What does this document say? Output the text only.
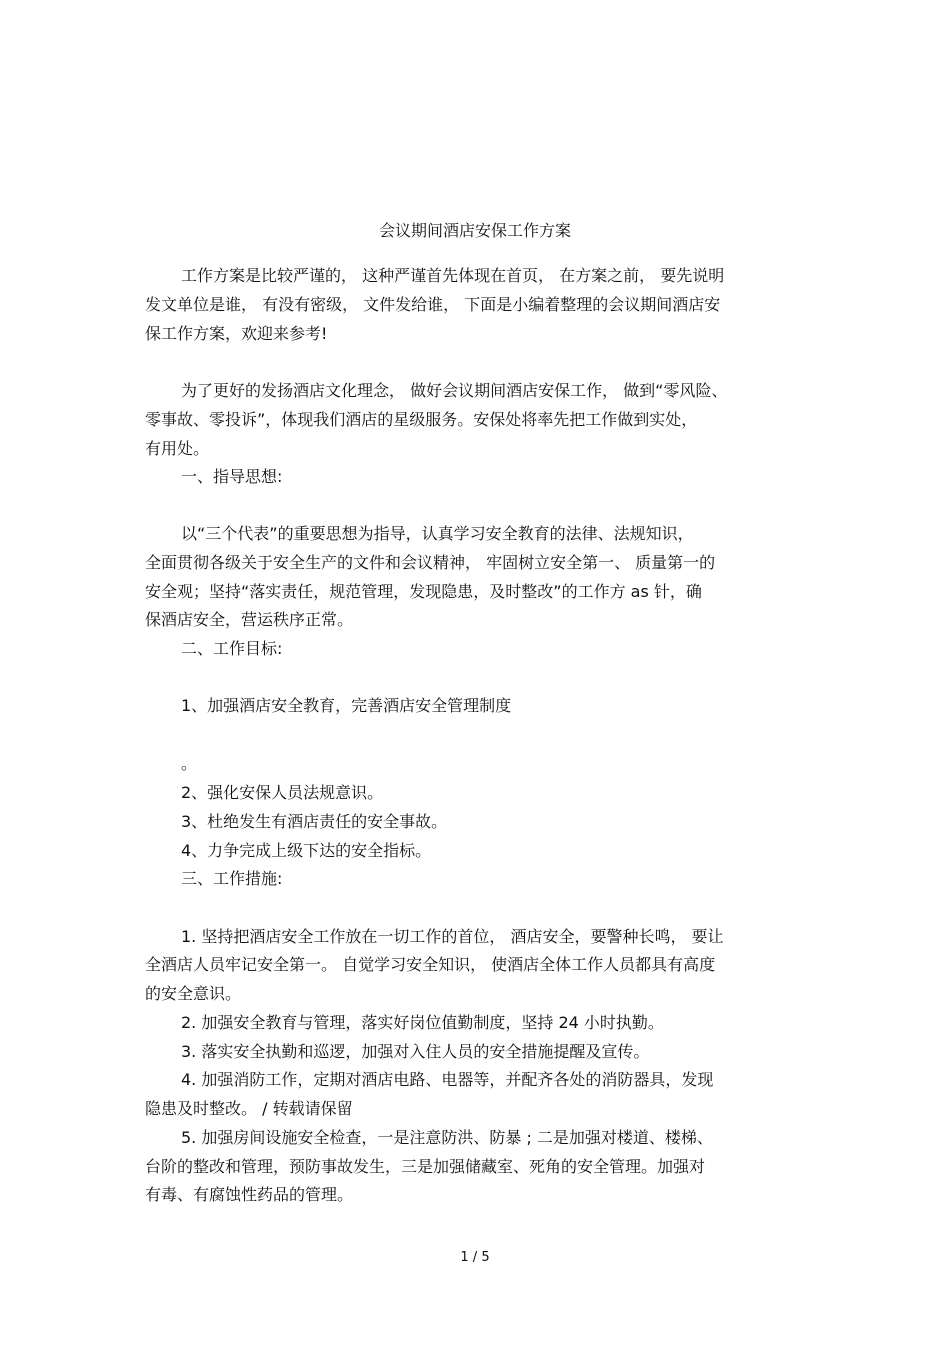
会议期间酒店安保工作方案
工作方案是比较严谨的， 这种严谨首先体现在首页， 在方案之前， 要先说明
发文单位是谁， 有没有密级， 文件发给谁， 下面是小编着整理的会议期间酒店安
保工作方案，欢迎来参考!
为了更好的发扬酒店文化理念， 做好会议期间酒店安保工作， 做到“零风险、
零事故、零投诉”，体现我们酒店的星级服务。安保处将率先把工作做到实处，
有用处。
一、指导思想:
以“三个代表”的重要思想为指导，认真学习安全教育的法律、法规知识，
全面贯彻各级关于安全生产的文件和会议精神， 牢固树立安全第一、 质量第一的
安全观；坚持“落实责任，规范管理，发现隐患，及时整改”的工作方 as 针，确
保酒店安全，营运秩序正常。
二、工作目标:
1、加强酒店安全教育，完善酒店安全管理制度
。
2、强化安保人员法规意识。
3、杜绝发生有酒店责任的安全事故。
4、力争完成上级下达的安全指标。
三、工作措施:
1. 坚持把酒店安全工作放在一切工作的首位， 酒店安全，要警种长鸣， 要让
全酒店人员牢记安全第一。 自觉学习安全知识， 使酒店全体工作人员都具有高度
的安全意识。
2. 加强安全教育与管理，落实好岗位值勤制度，坚持 24 小时执勤。
3. 落实安全执勤和巡逻，加强对入住人员的安全措施提醒及宣传。
4. 加强消防工作，定期对酒店电路、电器等，并配齐各处的消防器具，发现
隐患及时整改。 / 转载请保留
5. 加强房间设施安全检查，一是注意防洪、防暴 ; 二是加强对楼道、楼梯、
台阶的整改和管理，预防事故发生，三是加强储藏室、死角的安全管理。加强对
有毒、有腐蚀性药品的管理。
1 / 5
